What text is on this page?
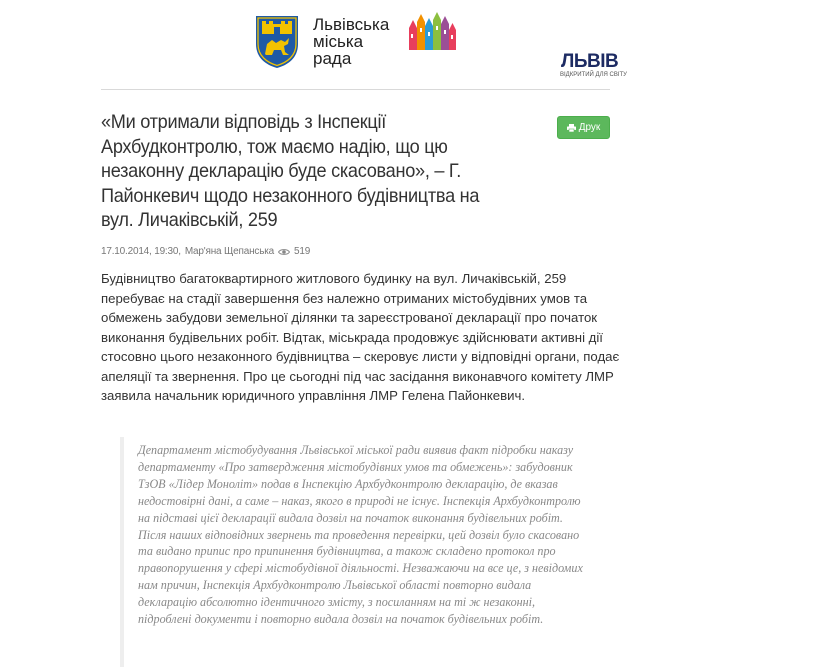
Львівська
міська
рада	ЛЬВІВ
ВІДКРИТИЙ ДЛЯ СВІТУ
«Ми отримали відповідь з Інспекції Архбудконтролю, тож маємо надію, що цю незаконну декларацію буде скасовано», – Г. Пайонкевич щодо незаконного будівництва на вул. Личаківській, 259
Друк
17.10.2014, 19:30, Мар'яна Щепанська 519

Будівництво багатоквартирного житлового будинку на вул. Личаківській, 259 перебуває на стадії завершення без належно отриманих містобудівних умов та обмежень забудови земельної ділянки та зареєстрованої декларації про початок виконання будівельних робіт. Відтак, міськрада продовжує здійснювати активні дії стосовно цього незаконного будівництва – скеровує листи у відповідні органи, подає апеляції та звернення. Про це сьогодні під час засідання виконавчого комітету ЛМР заявила начальник юридичного управління ЛМР Гелена Пайонкевич.

Департамент містобудування Львівської міської ради виявив факт підробки наказу департаменту «Про затвердження містобудівних умов та обмежень»: забудовник ТзОВ «Лідер Моноліт» подав в Інспекцію Архбудконтролю декларацію, де вказав недостовірні дані, а саме – наказ, якого в природі не існує. Інспекція Архбудконтролю на підставі цієї декларації видала дозвіл на початок виконання будівельних робіт. Після наших відповідних звернень та проведення перевірки, цей дозвіл було скасовано та видано припис про припинення будівництва, а також складено протокол про правопорушення у сфері містобудівної діяльності. Незважаючи на все це, з невідомих нам причин, Інспекція Архбудконтролю Львівської області повторно видала декларацію абсолютно ідентичного змісту, з посиланням на ті ж незаконні, підроблені документи і повторно видала дозвіл на початок будівельних робіт.
